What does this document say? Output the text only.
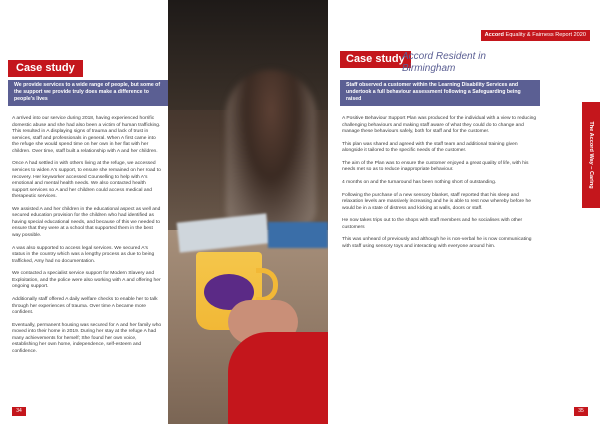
Case study
We provide services to a wide range of people, but some of the support we provide truly does make a difference to people's lives

A arrived into our service during 2018, having experienced horrific domestic abuse and she had also been a victim of human trafficking. This resulted in A displaying signs of trauma and lack of trust in services, staff and professionals in general. When A first came into the refuge she would spend time on her own in her flat with her children. Over time, staff built a relationship with A and her children.

Once A had settled in with others living at the refuge, we accessed services to widen A's support, to ensure she remained on her road to recovery. Her keyworker accessed Counselling to help with A's emotional and mental health needs. We also contacted health support services so A and her children could access medical and therapeutic services.

We assisted A and her children in the educational aspect as well and secured education provision for the children who had identified as having special educational needs, and because of this we needed to ensure that they were at a school that supported them in the best way possible.

A was also supported to access legal services. We secured A's status in the country which was a lengthy process as due to being trafficked, Amy had no documentation.

We contacted a specialist service support for Modern Slavery and Exploitation, and the police were also working with A and offering her ongoing support.

Additionally staff offered A daily welfare checks to enable her to talk through her experiences of trauma. Over time A became more confident.

Eventually, permanent housing was secured for A and her family who moved into their home in 2019. During her stay at the refuge A had many achievements for herself; She found her own voice, establishing her own home, independence, self-esteem and confidence.

34
Accord Equality & Fairness Report 2020
Case study
Accord Resident in Birmingham
Staff observed a customer within the Learning Disability Services and undertook a full behaviour assessment following a Safeguarding being raised

A Positive Behaviour Support Plan was produced for the individual with a view to reducing challenging behaviours and making staff aware of what they could do to change and manage these behaviours safely, both for staff and for the customer.

This plan was shared and agreed with the staff team and additional training given alongside it tailored to the specific needs of the customer.

The aim of the Plan was to ensure the customer enjoyed a great quality of life, with his needs met so as to reduce inappropriate behaviour.

4 months on and the turnaround has been nothing short of outstanding.

Following the purchase of a new sensory blanket, staff reported that his sleep and relaxation levels are massively increasing and he is able to rest now whereby before he would be in a state of distress and kicking at walls, doors or staff.

He now takes trips out to the shops with staff members and he socialises with other customers

This was unheard of previously and although he is non-verbal he is now communicating with staff using sensory toys and interacting with everyone around him.

The Accord Way – Caring
35
